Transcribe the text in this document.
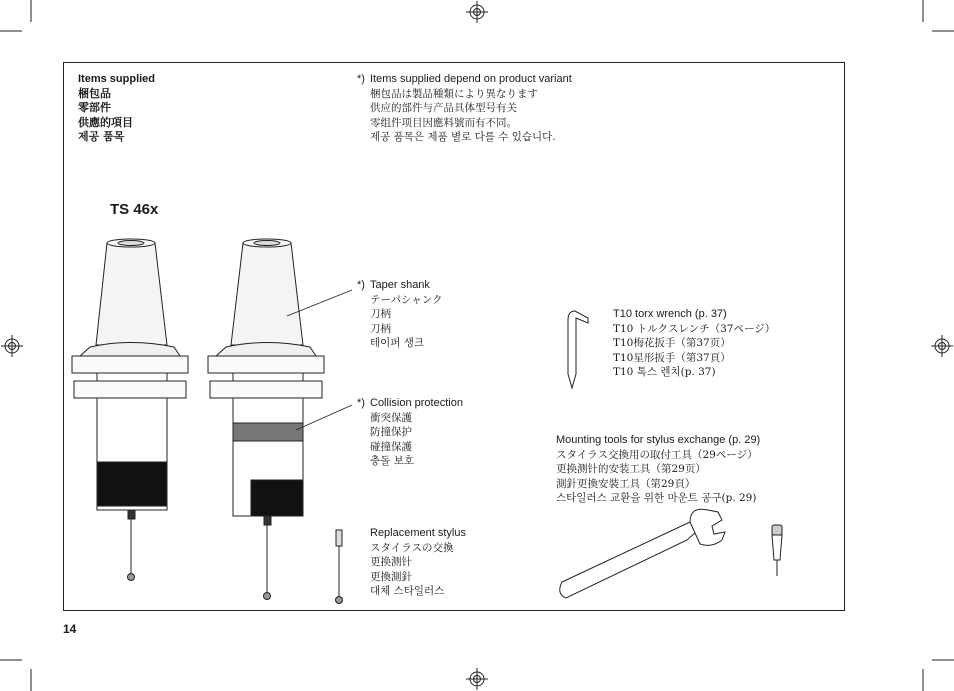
Items supplied
梱包品
零部件
供應的項目
제공 품목
*) Items supplied depend on product variant
梱包品は製品種類により異なります
供应的部件与产品具体型号有关
零组件项目因應料號而有不同。
제공 품목은 제품 별로 다를 수 있습니다.
TS 46x
*) Taper shank
テーパシャンク
刀柄
刀柄
테이퍼 생크
*) Collision protection
衝突保護
防撞保护
碰撞保護
충돌 보호
Replacement stylus
スタイラスの交換
更换测针
更換測針
대체 스타일러스
T10 torx wrench (p. 37)
T10 トルクスレンチ（37ページ）
T10梅花扳手（第37页）
T10星形扳手（第37頁）
T10 톡스 렌치(p. 37)
Mounting tools for stylus exchange (p. 29)
スタイラス交換用の取付工具（29ページ）
更换测针的安装工具（第29页）
測針更換安裝工具（第29頁）
스타일러스 교환을 위한 마운트 공구(p. 29)
14
